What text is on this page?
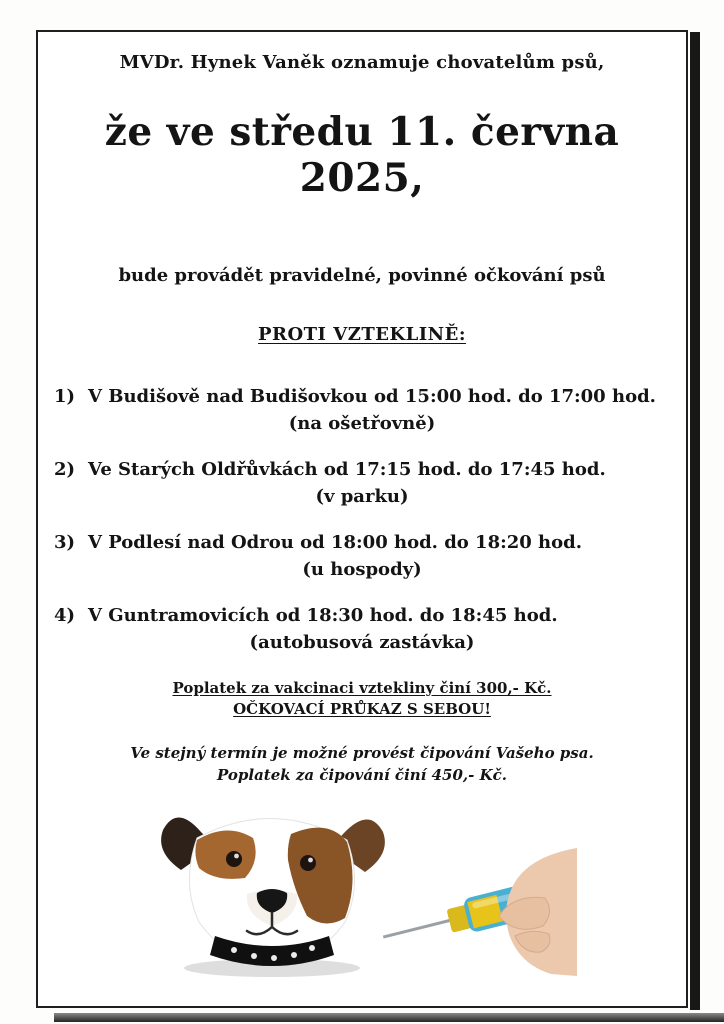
MVDr. Hynek Vaněk oznamuje chovatelům psů,
že ve středu 11. června 2025,
bude provádět pravidelné, povinné očkování psů
PROTI VZTEKLINĚ:
1) V Budišově nad Budišovkou od 15:00 hod. do 17:00 hod.
(na ošetřovně)
2) Ve Starých Oldřůvkách od 17:15 hod. do 17:45 hod.
(v parku)
3) V Podlesí nad Odrou od 18:00 hod. do 18:20 hod.
(u hospody)
4) V Guntramovicích od 18:30 hod. do 18:45 hod.
(autobusová zastávka)
Poplatek za vakcinaci vztekliny činí 300,- Kč.
OČKOVACÍ PRŮKAZ S SEBOU!
Ve stejný termín je možné provést čipování Vašeho psa.
Poplatek za čipování činí 450,- Kč.
